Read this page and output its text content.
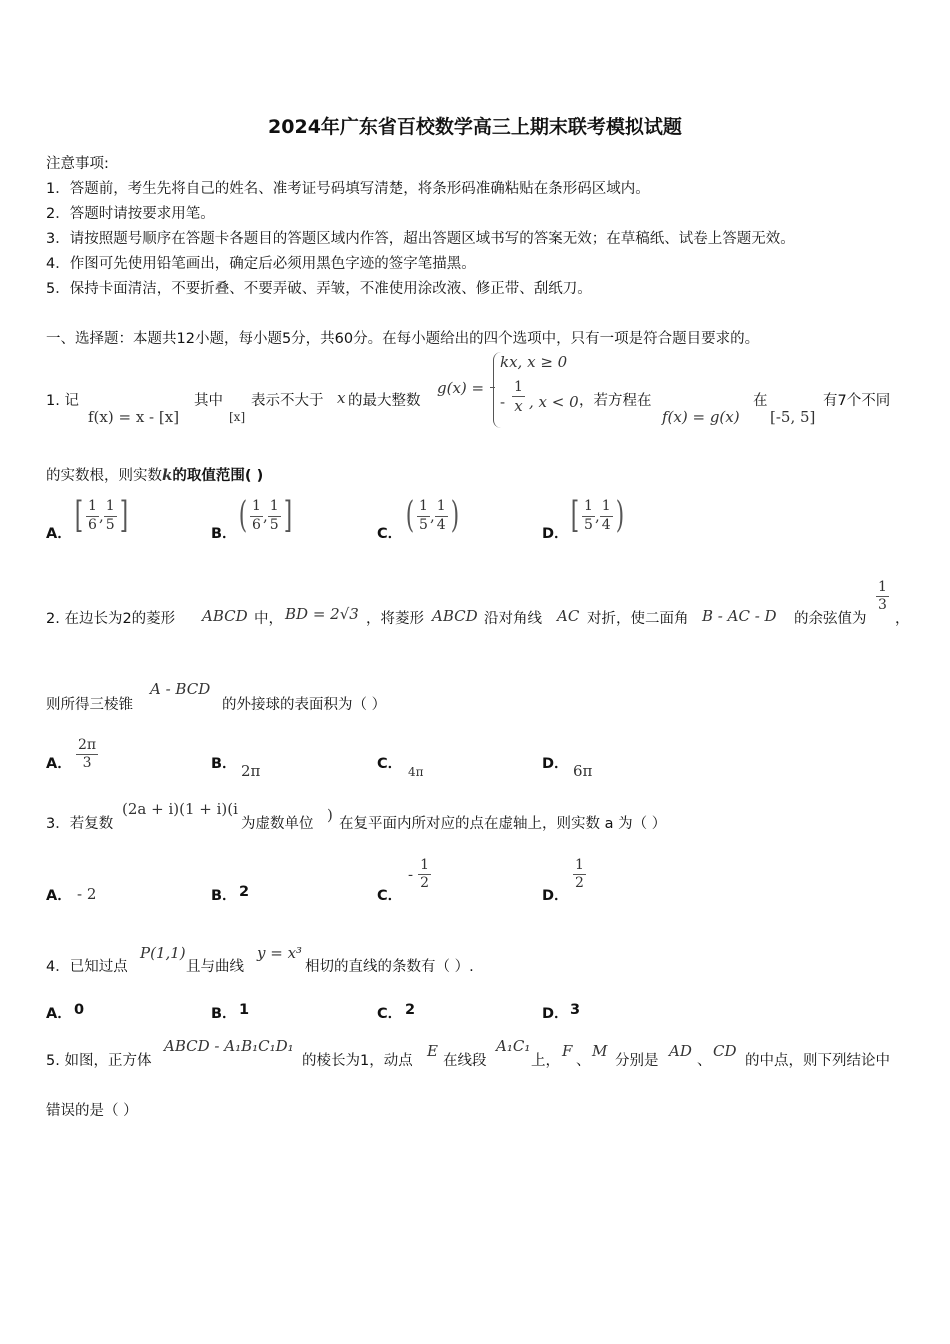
2024年广东省百校数学高三上期末联考模拟试题
注意事项:
1．答题前，考生先将自己的姓名、准考证号码填写清楚，将条形码准确粘贴在条形码区域内。
2．答题时请按要求用笔。
3．请按照题号顺序在答题卡各题目的答题区域内作答，超出答题区域书写的答案无效；在草稿纸、试卷上答题无效。
4．作图可先使用铅笔画出，确定后必须用黑色字迹的签字笔描黑。
5．保持卡面清洁，不要折叠、不要弄破、弄皱，不准使用涂改液、修正带、刮纸刀。
一、选择题：本题共12小题，每小题5分，共60分。在每小题给出的四个选项中，只有一项是符合题目要求的。
1. 记
f(x) = x - [x]
其中
[x]
表示不大于 x 的最大整数
g(x) =
kx, x ≥ 0
- $\frac{1}{x}$ , x < 0 ，若方程在
f(x) = g(x)
在
[-5, 5]
有7个不同
的实数根，则实数k的取值范围( )
A． [ $\frac{1}{6}$ , $\frac{1}{5}$ ]	B． ( $\frac{1}{6}$ , $\frac{1}{5}$ ]	C． ( $\frac{1}{5}$ , $\frac{1}{4}$ )	D． [ $\frac{1}{5}$ , $\frac{1}{4}$ )
2. 在边长为2的菱形 ABCD 中， BD = 2√3 ，将菱形 ABCD 沿对角线 AC 对折，使二面角 B - AC - D 的余弦值为
$\frac{1}{3}$
，
则所得三棱锥
A - BCD
的外接球的表面积为（ ）
A． $\frac{2\pi}{3}$	B． 2π	C． 4π	D． 6π
3．若复数
(2a + i)(1 + i)(i
为虚数单位 ) 在复平面内所对应的点在虚轴上，则实数 a 为（ ）
A． - 2	B． 2	C．
- $\frac{1}{2}$
D．
$\frac{1}{2}$
4．已知过点
P(1,1)
且与曲线
y = x³
相切的直线的条数有（ ）.
A． 0	B． 1	C． 2	D． 3
5. 如图，正方体
ABCD - A₁B₁C₁D₁
的棱长为1，动点
E
在线段
A₁C₁
上，
F
、
M
分别是
AD
、
CD
的中点，则下列结论中
错误的是（ ）
